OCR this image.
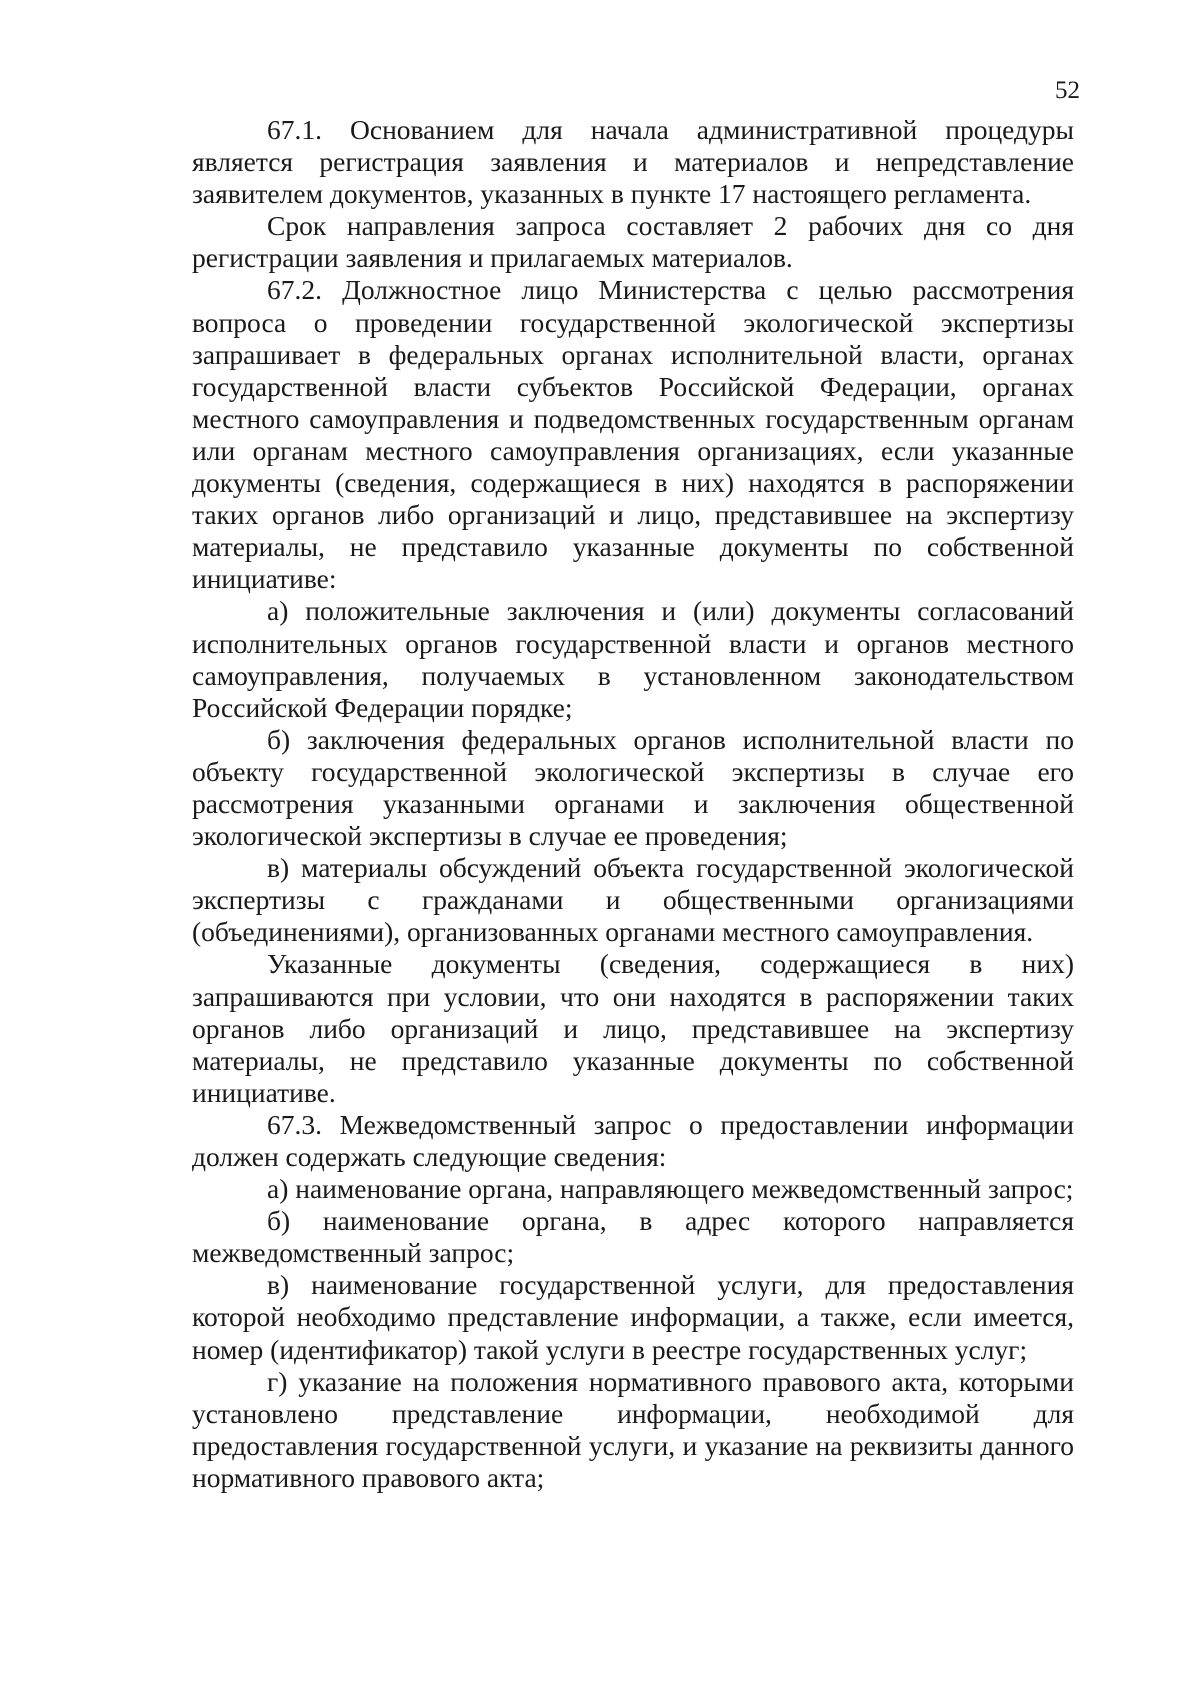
52

67.1. Основанием для начала административной процедуры является регистрация заявления и материалов и непредставление заявителем документов, указанных в пункте 17 настоящего регламента.

Срок направления запроса составляет 2 рабочих дня со дня регистрации заявления и прилагаемых материалов.

67.2. Должностное лицо Министерства с целью рассмотрения вопроса о проведении государственной экологической экспертизы запрашивает в федеральных органах исполнительной власти, органах государственной власти субъектов Российской Федерации, органах местного самоуправления и подведомственных государственным органам или органам местного самоуправления организациях, если указанные документы (сведения, содержащиеся в них) находятся в распоряжении таких органов либо организаций и лицо, представившее на экспертизу материалы, не представило указанные документы по собственной инициативе:

а) положительные заключения и (или) документы согласований исполнительных органов государственной власти и органов местного самоуправления, получаемых в установленном законодательством Российской Федерации порядке;

б) заключения федеральных органов исполнительной власти по объекту государственной экологической экспертизы в случае его рассмотрения указанными органами и заключения общественной экологической экспертизы в случае ее проведения;

в) материалы обсуждений объекта государственной экологической экспертизы с гражданами и общественными организациями (объединениями), организованных органами местного самоуправления.

Указанные документы (сведения, содержащиеся в них) запрашиваются при условии, что они находятся в распоряжении таких органов либо организаций и лицо, представившее на экспертизу материалы, не представило указанные документы по собственной инициативе.

67.3. Межведомственный запрос о предоставлении информации должен содержать следующие сведения:

а) наименование органа, направляющего межведомственный запрос;

б) наименование органа, в адрес которого направляется межведомственный запрос;

в) наименование государственной услуги, для предоставления которой необходимо представление информации, а также, если имеется, номер (идентификатор) такой услуги в реестре государственных услуг;

г) указание на положения нормативного правового акта, которыми установлено представление информации, необходимой для предоставления государственной услуги, и указание на реквизиты данного нормативного правового акта;
